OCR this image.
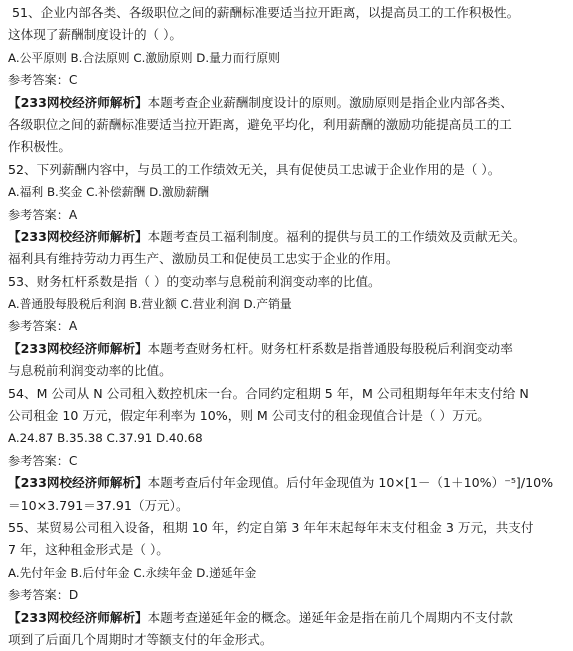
51、企业内部各类、各级职位之间的薪酬标准要适当拉开距离，以提高员工的工作积极性。
这体现了薪酬制度设计的（ ）。
A.公平原则 B.合法原则 C.激励原则 D.量力而行原则
参考答案：C
【233网校经济师解析】本题考查企业薪酬制度设计的原则。激励原则是指企业内部各类、
各级职位之间的薪酬标准要适当拉开距离，避免平均化，利用薪酬的激励功能提高员工的工
作积极性。
52、下列薪酬内容中，与员工的工作绩效无关，具有促使员工忠诚于企业作用的是（ ）。
A.福利 B.奖金 C.补偿薪酬 D.激励薪酬
参考答案：A
【233网校经济师解析】本题考查员工福利制度。福利的提供与员工的工作绩效及贡献无关。
福利具有维持劳动力再生产、激励员工和促使员工忠实于企业的作用。
53、财务杠杆系数是指（ ）的变动率与息税前利润变动率的比值。
A.普通股每股税后利润 B.营业额 C.营业利润 D.产销量
参考答案：A
【233网校经济师解析】本题考查财务杠杆。财务杠杆系数是指普通股每股税后利润变动率
与息税前利润变动率的比值。
54、M 公司从 N 公司租入数控机床一台。合同约定租期 5 年，M 公司租期每年年末支付给 N
公司租金 10 万元，假定年利率为 10%，则 M 公司支付的租金现值合计是（ ）万元。
A.24.87 B.35.38 C.37.91 D.40.68
参考答案：C
【233网校经济师解析】本题考查后付年金现值。后付年金现值为 10×[1－（1＋10%）⁻⁵]/10%
＝10×3.791＝37.91（万元）。
55、某贸易公司租入设备，租期 10 年，约定自第 3 年年末起每年末支付租金 3 万元，共支付
7 年，这种租金形式是（ ）。
A.先付年金 B.后付年金 C.永续年金 D.递延年金
参考答案：D
【233网校经济师解析】本题考查递延年金的概念。递延年金是指在前几个周期内不支付款
项到了后面几个周期时才等额支付的年金形式。
